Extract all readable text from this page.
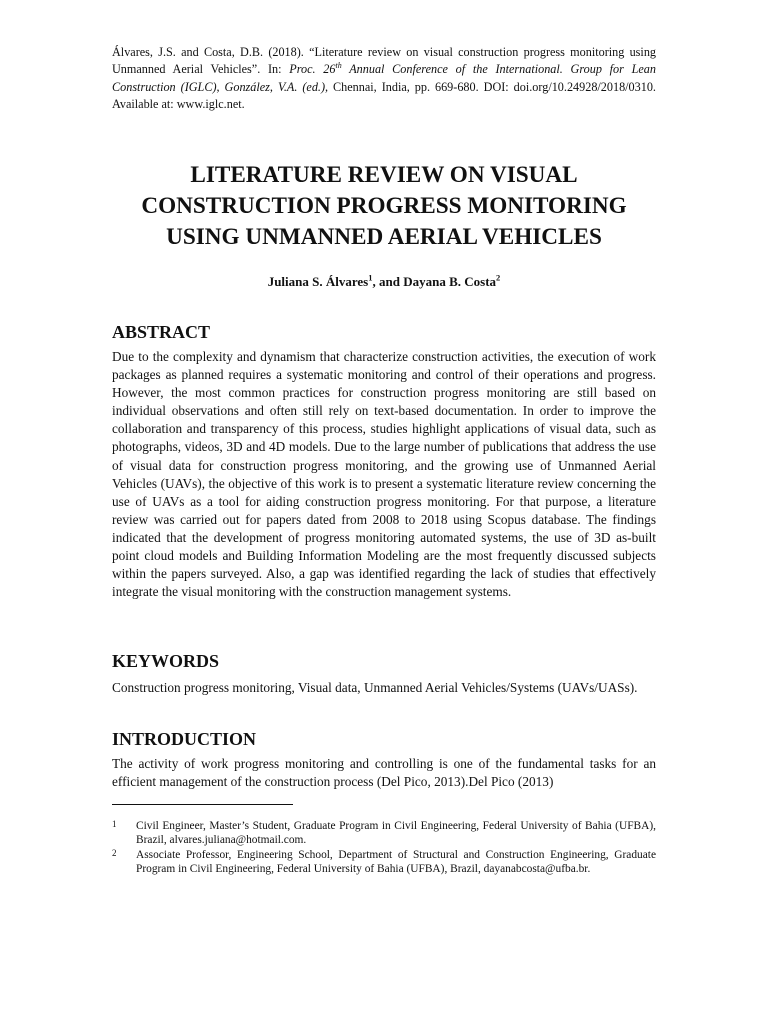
Álvares, J.S. and Costa, D.B. (2018). “Literature review on visual construction progress monitoring using Unmanned Aerial Vehicles”. In: Proc. 26th Annual Conference of the International. Group for Lean Construction (IGLC), González, V.A. (ed.), Chennai, India, pp. 669-680. DOI: doi.org/10.24928/2018/0310. Available at: www.iglc.net.
LITERATURE REVIEW ON VISUAL CONSTRUCTION PROGRESS MONITORING USING UNMANNED AERIAL VEHICLES
Juliana S. Álvares$^1$, and Dayana B. Costa$^2$
ABSTRACT
Due to the complexity and dynamism that characterize construction activities, the execution of work packages as planned requires a systematic monitoring and control of their operations and progress. However, the most common practices for construction progress monitoring are still based on individual observations and often still rely on text-based documentation. In order to improve the collaboration and transparency of this process, studies highlight applications of visual data, such as photographs, videos, 3D and 4D models. Due to the large number of publications that address the use of visual data for construction progress monitoring, and the growing use of Unmanned Aerial Vehicles (UAVs), the objective of this work is to present a systematic literature review concerning the use of UAVs as a tool for aiding construction progress monitoring. For that purpose, a literature review was carried out for papers dated from 2008 to 2018 using Scopus database. The findings indicated that the development of progress monitoring automated systems, the use of 3D as-built point cloud models and Building Information Modeling are the most frequently discussed subjects within the papers surveyed. Also, a gap was identified regarding the lack of studies that effectively integrate the visual monitoring with the construction management systems.
KEYWORDS
Construction progress monitoring, Visual data, Unmanned Aerial Vehicles/Systems (UAVs/UASs).
INTRODUCTION
The activity of work progress monitoring and controlling is one of the fundamental tasks for an efficient management of the construction process (Del Pico, 2013).Del Pico (2013)
1 Civil Engineer, Master’s Student, Graduate Program in Civil Engineering, Federal University of Bahia (UFBA), Brazil, alvares.juliana@hotmail.com.
2 Associate Professor, Engineering School, Department of Structural and Construction Engineering, Graduate Program in Civil Engineering, Federal University of Bahia (UFBA), Brazil, dayanabcosta@ufba.br.
